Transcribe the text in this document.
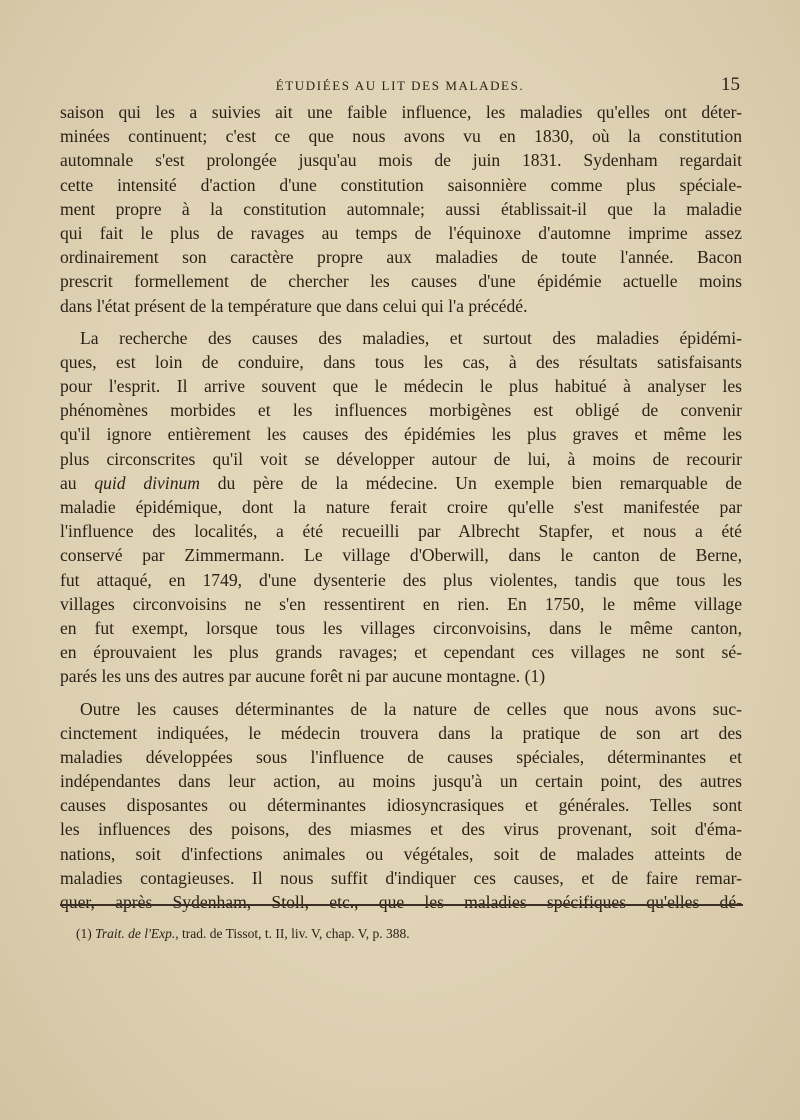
ÉTUDIÉES AU LIT DES MALADES.	15
saison qui les a suivies ait une faible influence, les maladies qu'elles ont déter-
minées continuent; c'est ce que nous avons vu en 1830, où la constitution
automnale s'est prolongée jusqu'au mois de juin 1831. Sydenham regardait
cette intensité d'action d'une constitution saisonnière comme plus spéciale-
ment propre à la constitution automnale; aussi établissait-il que la maladie
qui fait le plus de ravages au temps de l'équinoxe d'automne imprime assez
ordinairement son caractère propre aux maladies de toute l'année. Bacon
prescrit formellement de chercher les causes d'une épidémie actuelle moins
dans l'état présent de la température que dans celui qui l'a précédé.
La recherche des causes des maladies, et surtout des maladies épidémi-
ques, est loin de conduire, dans tous les cas, à des résultats satisfaisants
pour l'esprit. Il arrive souvent que le médecin le plus habitué à analyser les
phénomènes morbides et les influences morbigènes est obligé de convenir
qu'il ignore entièrement les causes des épidémies les plus graves et même les
plus circonscrites qu'il voit se développer autour de lui, à moins de recourir
au quid divinum du père de la médecine. Un exemple bien remarquable de
maladie épidémique, dont la nature ferait croire qu'elle s'est manifestée par
l'influence des localités, a été recueilli par Albrecht Stapfer, et nous a été
conservé par Zimmermann. Le village d'Oberwill, dans le canton de Berne,
fut attaqué, en 1749, d'une dysenterie des plus violentes, tandis que tous les
villages circonvoisins ne s'en ressentirent en rien. En 1750, le même village
en fut exempt, lorsque tous les villages circonvoisins, dans le même canton,
en éprouvaient les plus grands ravages; et cependant ces villages ne sont sé-
parés les uns des autres par aucune forêt ni par aucune montagne. (1)
Outre les causes déterminantes de la nature de celles que nous avons suc-
cinctement indiquées, le médecin trouvera dans la pratique de son art des
maladies développées sous l'influence de causes spéciales, déterminantes et
indépendantes dans leur action, au moins jusqu'à un certain point, des autres
causes disposantes ou déterminantes idiosyncrasiques et générales. Telles sont
les influences des poisons, des miasmes et des virus provenant, soit d'éma-
nations, soit d'infections animales ou végétales, soit de malades atteints de
maladies contagieuses. Il nous suffit d'indiquer ces causes, et de faire remar-
quer, après Sydenham, Stoll, etc., que les maladies spécifiques qu'elles dé-
(1) Trait. de l'Exp., trad. de Tissot, t. II, liv. V, chap. V, p. 388.
